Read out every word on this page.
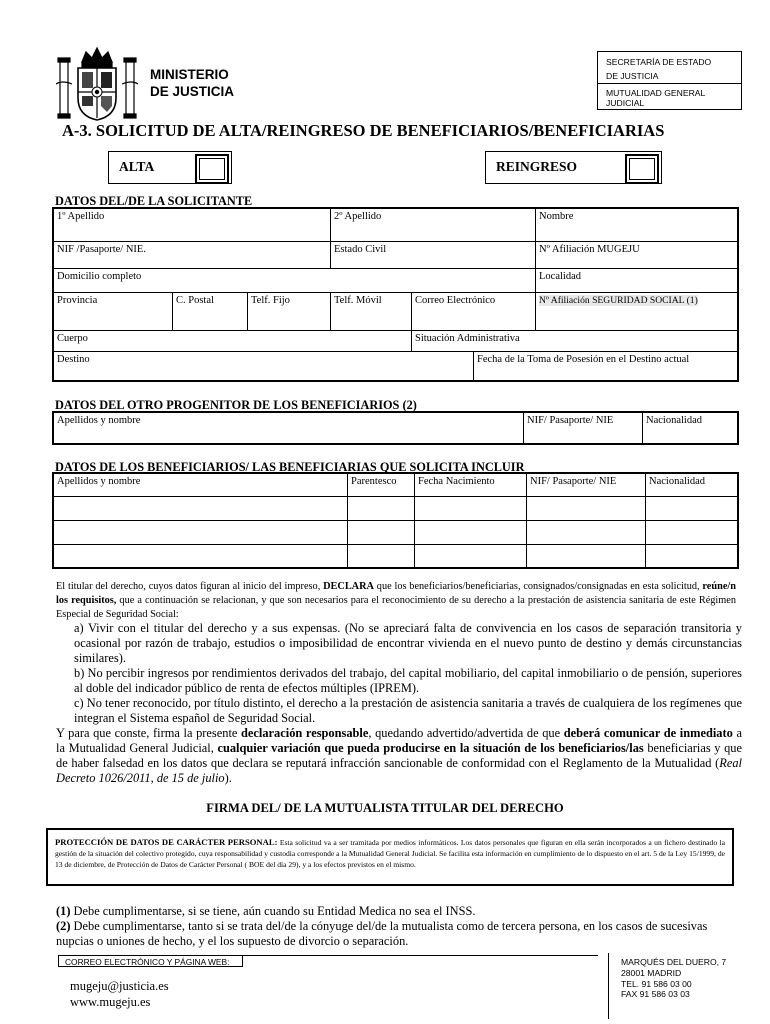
MINISTERIO
DE JUSTICIA
SECRETARÍA DE ESTADO
DE JUSTICIA
MUTUALIDAD GENERAL
JUDICIAL
A-3. SOLICITUD DE ALTA/REINGRESO DE BENEFICIARIOS/BENEFICIARIAS
ALTA	REINGRESO
DATOS DEL/DE LA SOLICITANTE
1º Apellido			2º Apellido			Nombre
NIF /Pasaporte/ NIE.			Estado Civil			Nº Afiliación MUGEJU
Domicilio completo						Localidad
Provincia	C. Postal	Telf. Fijo	Telf. Móvil	Correo Electrónico		Nº Afiliación SEGURIDAD SOCIAL (1)
Cuerpo				Situación Administrativa		
Destino					Fecha de la Toma de Posesión en el Destino actual	
DATOS DEL OTRO PROGENITOR DE LOS BENEFICIARIOS (2)
Apellidos y nombre	NIF/ Pasaporte/ NIE	Nacionalidad
DATOS DE LOS BENEFICIARIOS/ LAS BENEFICIARIAS QUE SOLICITA INCLUIR
Apellidos y nombre	Parentesco	Fecha Nacimiento	NIF/ Pasaporte/ NIE	Nacionalidad

El titular del derecho, cuyos datos figuran al inicio del impreso, DECLARA que los beneficiarios/beneficiarias, consignados/consignadas en esta solicitud, reúne/n los requisitos, que a continuación se relacionan, y que son necesarios para el reconocimiento de su derecho a la prestación de asistencia sanitaria de este Régimen Especial de Seguridad Social:

a) Vivir con el titular del derecho y a sus expensas. (No se apreciará falta de convivencia en los casos de separación transitoria y ocasional por razón de trabajo, estudios o imposibilidad de encontrar vivienda en el nuevo punto de destino y demás circunstancias similares).

b) No percibir ingresos por rendimientos derivados del trabajo, del capital mobiliario, del capital inmobiliario o de pensión, superiores al doble del indicador público de renta de efectos múltiples (IPREM).

c) No tener reconocido, por título distinto, el derecho a la prestación de asistencia sanitaria a través de cualquiera de los regímenes que integran el Sistema español de Seguridad Social.

Y para que conste, firma la presente declaración responsable, quedando advertido/advertida de que deberá comunicar de inmediato a la Mutualidad General Judicial, cualquier variación que pueda producirse en la situación de los beneficiarios/las beneficiarias y que de haber falsedad en los datos que declara se reputará infracción sancionable de conformidad con el Reglamento de la Mutualidad (Real Decreto 1026/2011, de 15 de julio).

FIRMA DEL/ DE LA MUTUALISTA TITULAR DEL DERECHO
PROTECCIÓN DE DATOS DE CARÁCTER PERSONAL: Esta solicitud va a ser tramitada por medios informáticos. Los datos personales que figuran en ella serán incorporados a un fichero destinado la gestión de la situación del colectivo protegido, cuya responsabilidad y custodia corresponde a la Mutualidad General Judicial. Se facilita esta información en cumplimiento de lo dispuesto en el art. 5 de la Ley 15/1999, de 13 de diciembre, de Protección de Datos de Carácter Personal ( BOE del día 29), y a los efectos previstos en el mismo.

(1) Debe cumplimentarse, si se tiene, aún cuando su Entidad Medica no sea el INSS.

(2) Debe cumplimentarse, tanto si se trata del/de la cónyuge del/de la mutualista como de tercera persona, en los casos de sucesivas nupcias o uniones de hecho, y el los supuesto de divorcio o separación.

CORREO ELECTRÓNICO Y PÁGINA WEB:
mugeju@justicia.es
www.mugeju.es
MARQUÉS DEL DUERO, 7
28001 MADRID
TEL. 91 586 03 00
FAX 91 586 03 03
